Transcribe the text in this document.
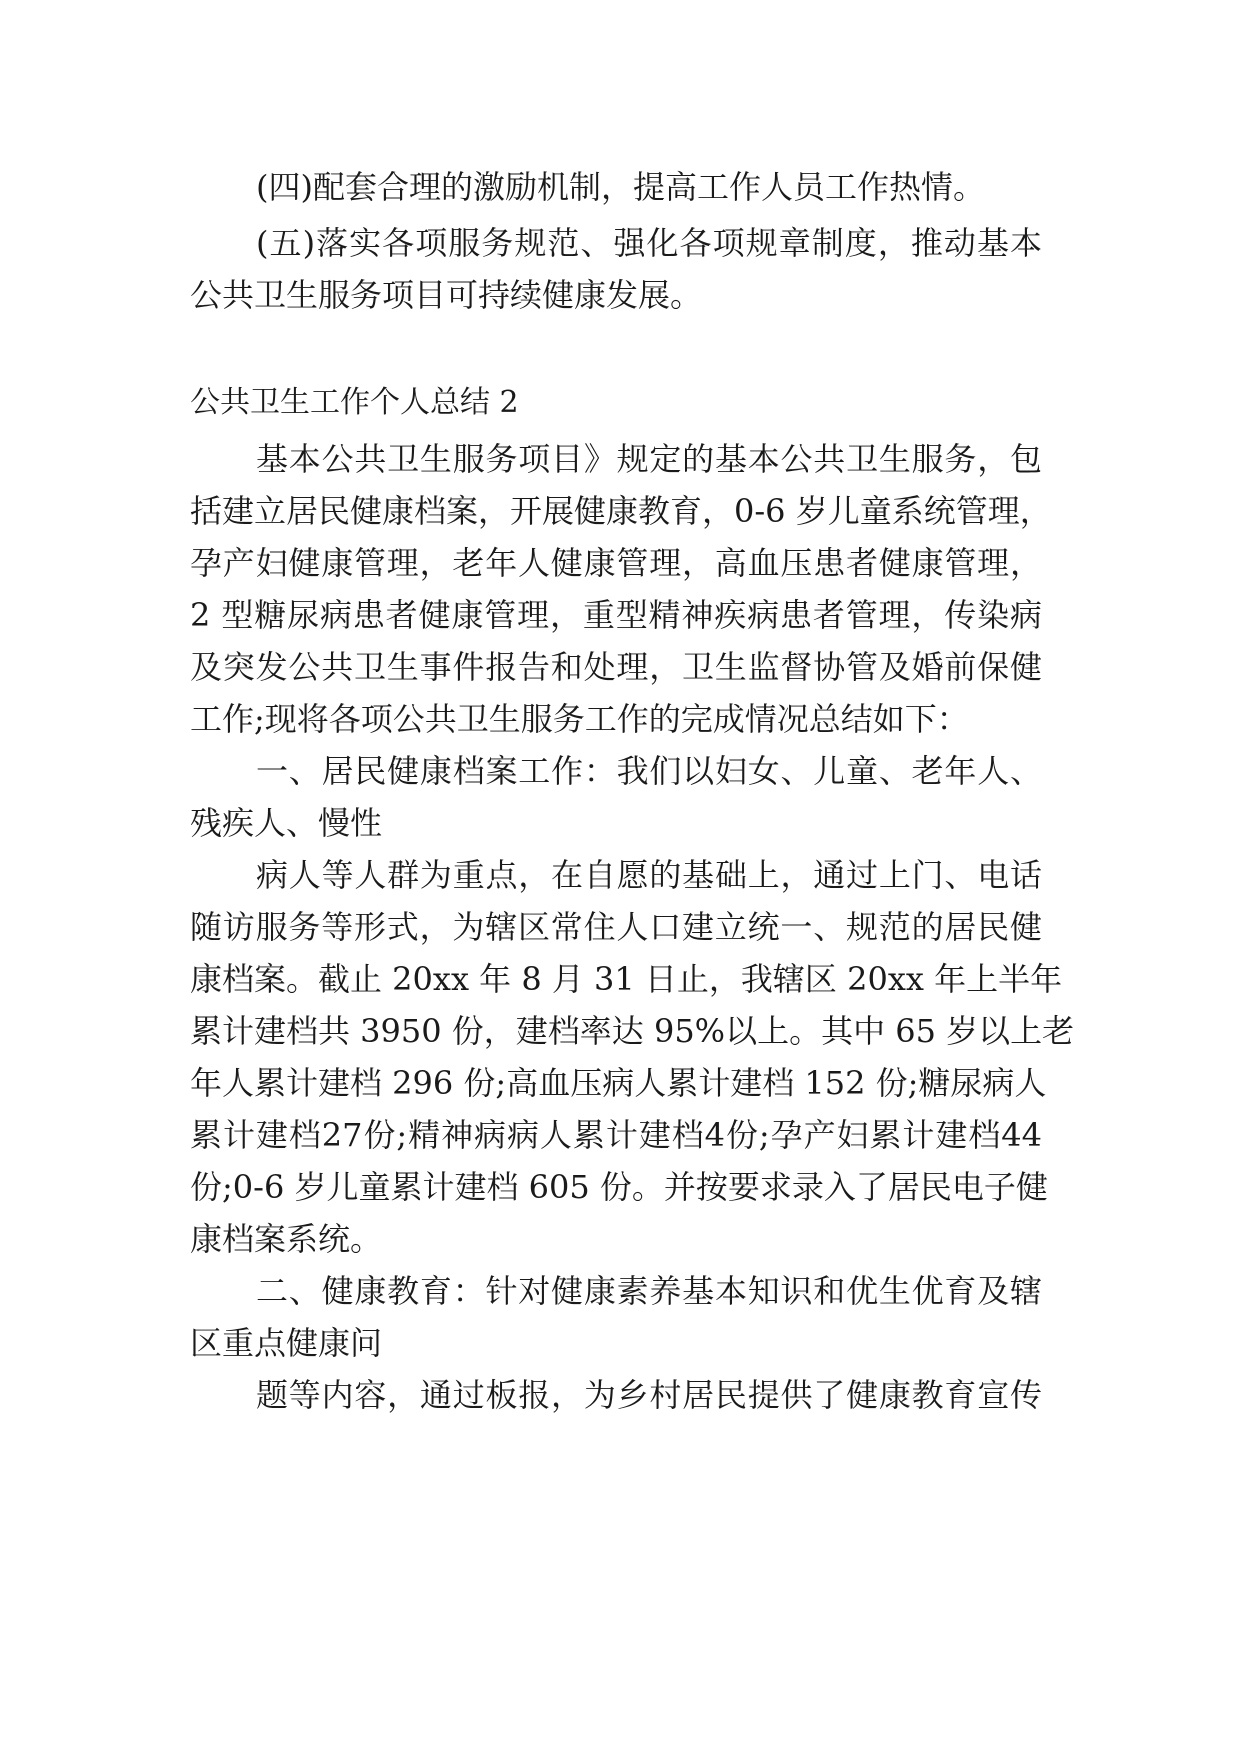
(四)配套合理的激励机制，提高工作人员工作热情。
(五)落实各项服务规范、强化各项规章制度，推动基本
公共卫生服务项目可持续健康发展。
公共卫生工作个人总结 2
基本公共卫生服务项目》规定的基本公共卫生服务，包
括建立居民健康档案，开展健康教育，0-6 岁儿童系统管理，
孕产妇健康管理，老年人健康管理，高血压患者健康管理，
2 型糖尿病患者健康管理，重型精神疾病患者管理，传染病
及突发公共卫生事件报告和处理，卫生监督协管及婚前保健
工作;现将各项公共卫生服务工作的完成情况总结如下：
一、居民健康档案工作：我们以妇女、儿童、老年人、
残疾人、慢性
病人等人群为重点，在自愿的基础上，通过上门、电话
随访服务等形式，为辖区常住人口建立统一、规范的居民健
康档案。截止 20xx 年 8 月 31 日止，我辖区 20xx 年上半年
累计建档共 3950 份，建档率达 95%以上。其中 65 岁以上老
年人累计建档 296 份;高血压病人累计建档 152 份;糖尿病人
累计建档27份;精神病病人累计建档4份;孕产妇累计建档44
份;0-6 岁儿童累计建档 605 份。并按要求录入了居民电子健
康档案系统。
二、健康教育：针对健康素养基本知识和优生优育及辖
区重点健康问
题等内容，通过板报，为乡村居民提供了健康教育宣传
